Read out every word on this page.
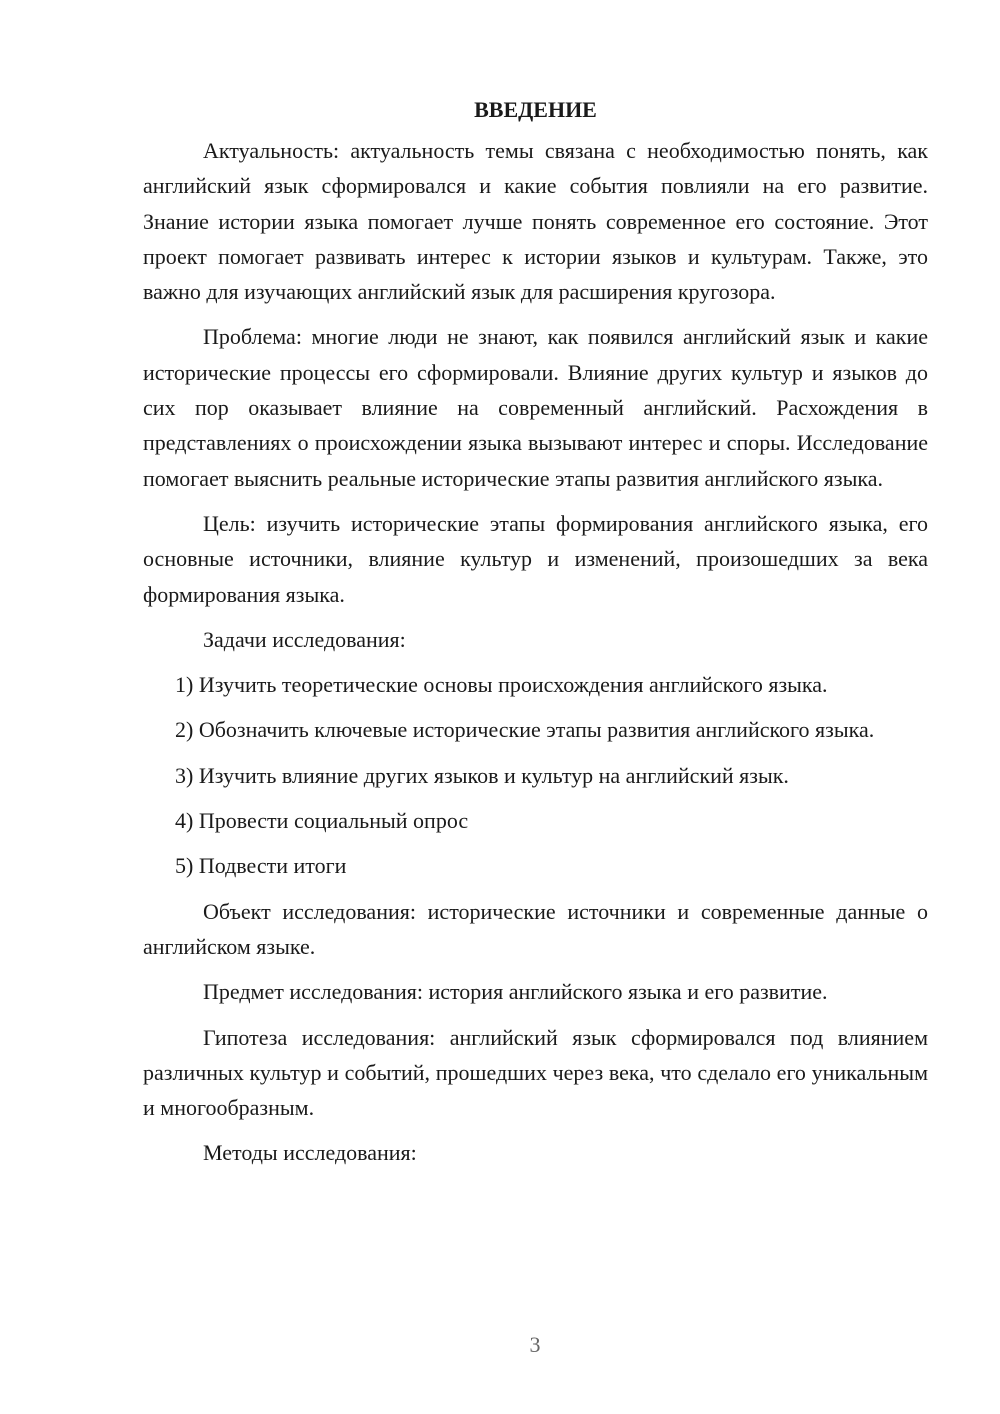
ВВЕДЕНИЕ

Актуальность: актуальность темы связана с необходимостью понять, как английский язык сформировался и какие события повлияли на его развитие. Знание истории языка помогает лучше понять современное его состояние. Этот проект помогает развивать интерес к истории языков и культурам. Также, это важно для изучающих английский язык для расширения кругозора.

Проблема: многие люди не знают, как появился английский язык и какие исторические процессы его сформировали. Влияние других культур и языков до сих пор оказывает влияние на современный английский. Расхождения в представлениях о происхождении языка вызывают интерес и споры. Исследование помогает выяснить реальные исторические этапы развития английского языка.

Цель: изучить исторические этапы формирования английского языка, его основные источники, влияние культур и изменений, произошедших за века формирования языка.

Задачи исследования:

1) Изучить теоретические основы происхождения английского языка.

2) Обозначить ключевые исторические этапы развития английского языка.

3) Изучить влияние других языков и культур на английский язык.

4) Провести социальный опрос

5) Подвести итоги

Объект исследования: исторические источники и современные данные о английском языке.

Предмет исследования: история английского языка и его развитие.

Гипотеза исследования: английский язык сформировался под влиянием различных культур и событий, прошедших через века, что сделало его уникальным и многообразным.

Методы исследования:

3
